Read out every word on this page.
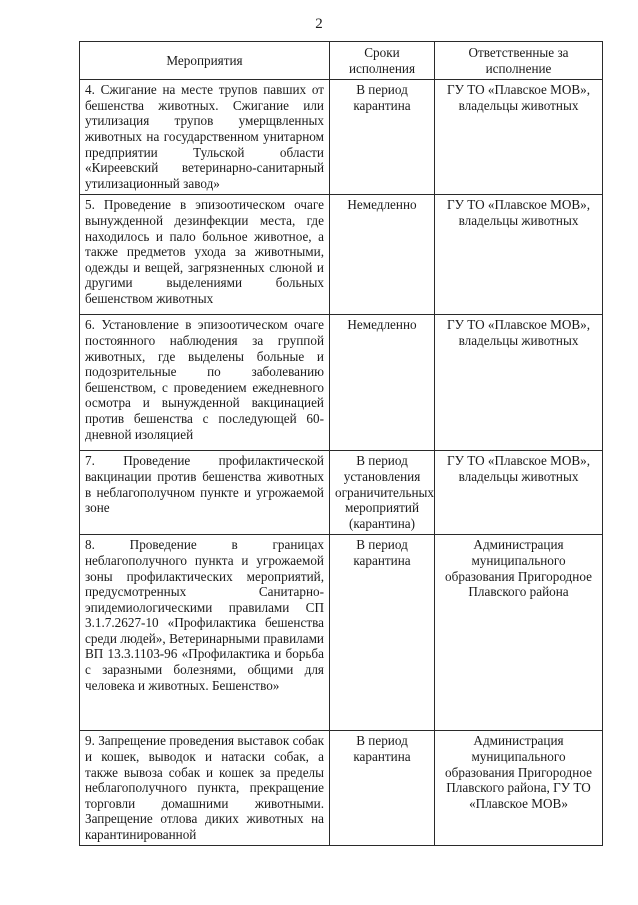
2
Мероприятия	Сроки исполнения	Ответственные за исполнение
4. Сжигание на месте трупов павших от бешенства животных. Сжигание или утилизация трупов умерщвленных животных на государственном унитарном предприятии Тульской области «Киреевский ветеринарно-санитарный утилизационный завод»	В период карантина	ГУ ТО «Плавское МОВ», владельцы животных
5. Проведение в эпизоотическом очаге вынужденной дезинфекции места, где находилось и пало больное животное, а также предметов ухода за животными, одежды и вещей, загрязненных слюной и другими выделениями больных бешенством животных	Немедленно	ГУ ТО «Плавское МОВ», владельцы животных
6. Установление в эпизоотическом очаге постоянного наблюдения за группой животных, где выделены больные и подозрительные по заболеванию бешенством, с проведением ежедневного осмотра и вынужденной вакцинацией против бешенства с последующей 60-дневной изоляцией	Немедленно	ГУ ТО «Плавское МОВ», владельцы животных
7. Проведение профилактической вакцинации против бешенства животных в неблагополучном пункте и угрожаемой зоне	В период установления ограничительных мероприятий (карантина)	ГУ ТО «Плавское МОВ», владельцы животных
8. Проведение в границах неблагополучного пункта и угрожаемой зоны профилактических мероприятий, предусмотренных Санитарно-эпидемиологическими правилами СП 3.1.7.2627-10 «Профилактика бешенства среди людей», Ветеринарными правилами ВП 13.3.1103-96 «Профилактика и борьба с заразными болезнями, общими для человека и животных. Бешенство»	В период карантина	Администрация муниципального образования Пригородное Плавского района
9. Запрещение проведения выставок собак и кошек, выводок и натаски собак, а также вывоза собак и кошек за пределы неблагополучного пункта, прекращение торговли домашними животными. Запрещение отлова диких животных на карантинированной	В период карантина	Администрация муниципального образования Пригородное Плавского района, ГУ ТО «Плавское МОВ»
